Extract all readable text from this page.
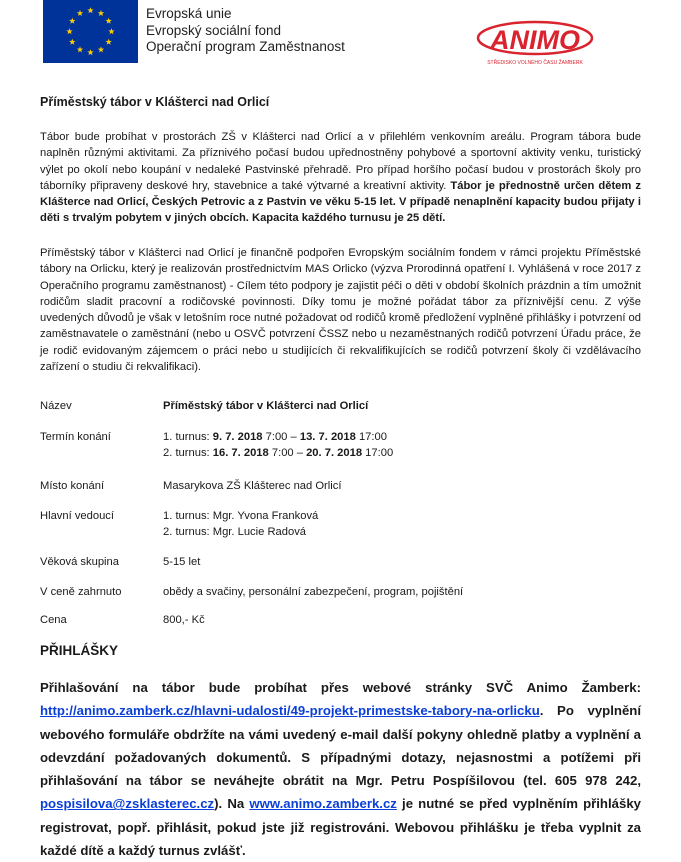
Evropská unie
Evropský sociální fond
Operační program Zaměstnanost	ANIMO
STŘEDISKO VOLNÉHO ČASU ŽAMBERK
Příměstský tábor v Klášterci nad Orlicí

Tábor bude probíhat v prostorách ZŠ v Klášterci nad Orlicí a v přilehlém venkovním areálu. Program tábora bude naplněn různými aktivitami. Za příznivého počasí budou upřednostněny pohybové a sportovní aktivity venku, turistický výlet po okolí nebo koupání v nedaleké Pastvinské přehradě. Pro případ horšího počasí budou v prostorách školy pro táborníky připraveny deskové hry, stavebnice a také výtvarné a kreativní aktivity. Tábor je přednostně určen dětem z Klášterce nad Orlicí, Českých Petrovic a z Pastvin ve věku 5-15 let. V případě nenaplnění kapacity budou přijaty i děti s trvalým pobytem v jiných obcích. Kapacita každého turnusu je 25 dětí.

Příměstský tábor v Klášterci nad Orlicí je finančně podpořen Evropským sociálním fondem v rámci projektu Příměstské tábory na Orlicku, který je realizován prostřednictvím MAS Orlicko (výzva Prorodinná opatření I. Vyhlášená v roce 2017 z Operačního programu zaměstnanost) - Cílem této podpory je zajistit péči o děti v období školních prázdnin a tím umožnit rodičům sladit pracovní a rodičovské povinnosti. Díky tomu je možné pořádat tábor za příznivější cenu. Z výše uvedených důvodů je však v letošním roce nutné požadovat od rodičů kromě předložení vyplněné přihlášky i potvrzení od zaměstnavatele o zaměstnání (nebo u OSVČ potvrzení ČSSZ nebo u nezaměstnaných rodičů potvrzení Úřadu práce, že je rodič evidovaným zájemcem o práci nebo u studijících či rekvalifikujících se rodičů potvrzení školy či vzdělávacího zařízení o studiu či rekvalifikaci).

Název	Příměstský tábor v Klášterci nad Orlicí
Termín konání	1. turnus: 9. 7. 2018 7:00 – 13. 7. 2018 17:00
2. turnus: 16. 7. 2018 7:00 – 20. 7. 2018 17:00
Místo konání	Masarykova ZŠ Klášterec nad Orlicí
Hlavní vedoucí	1. turnus: Mgr. Yvona Franková
2. turnus: Mgr. Lucie Radová
Věková skupina	5-15 let
V ceně zahrnuto	obědy a svačiny, personální zabezpečení, program, pojištění
Cena	800,- Kč
PŘIHLÁŠKY

Přihlašování na tábor bude probíhat přes webové stránky SVČ Animo Žamberk: http://animo.zamberk.cz/hlavni-udalosti/49-projekt-primestske-tabory-na-orlicku. Po vyplnění webového formuláře obdržíte na vámi uvedený e-mail další pokyny ohledně platby a vyplnění a odevzdání požadovaných dokumentů. S případnými dotazy, nejasnostmi a potížemi při přihlašování na tábor se neváhejte obrátit na Mgr. Petru Pospíšilovou (tel. 605 978 242, pospisilova@zsklasterec.cz). Na www.animo.zamberk.cz je nutné se před vyplněním přihlášky registrovat, popř. přihlásit, pokud jste již registrováni. Webovou přihlášku je třeba vyplnit za každé dítě a každý turnus zvlášť.
